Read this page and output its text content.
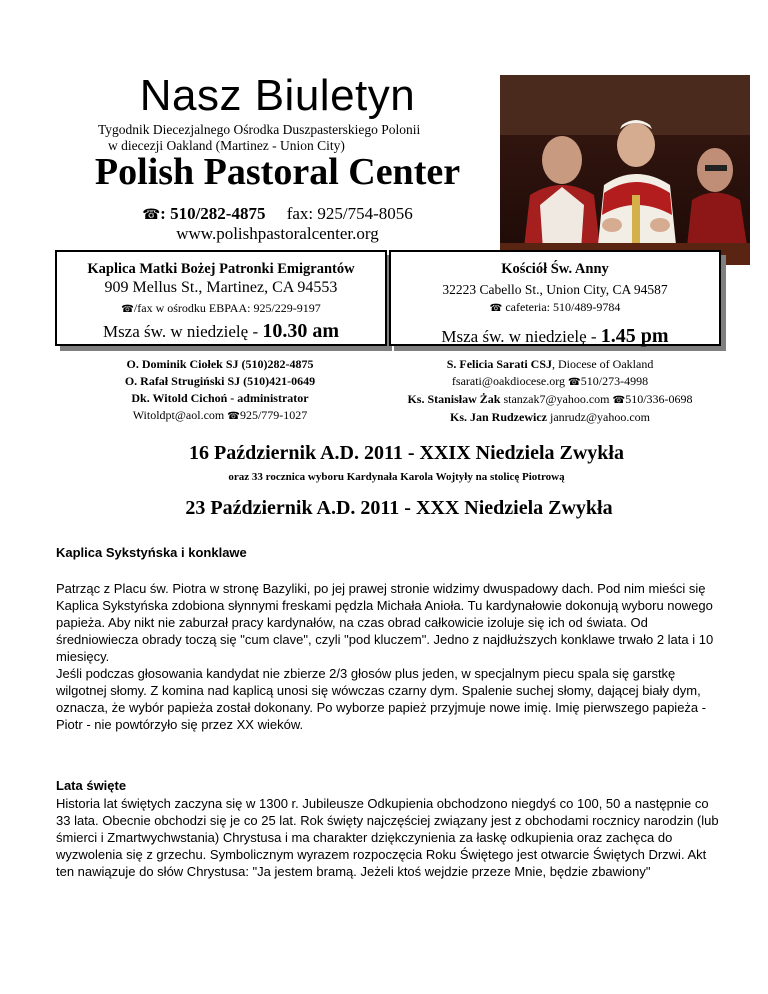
Nasz Biuletyn
Tygodnik Diecezjalnego Ośrodka Duszpasterskiego Polonii
w diecezji Oakland (Martinez - Union City)
Polish Pastoral Center
☎: 510/282-4875 fax: 925/754-8056
www.polishpastoralcenter.org
Kaplica Matki Bożej Patronki Emigrantów
909 Mellus St., Martinez, CA 94553
☎/fax w ośrodku EBPAA: 925/229-9197
Msza św. w niedzielę - 10.30 am
Kościół Św. Anny
32223 Cabello St., Union City, CA 94587
☎ cafeteria: 510/489-9784
Msza św. w niedzielę - 1.45 pm
O. Dominik Ciołek SJ (510)282-4875
O. Rafał Strugiński SJ (510)421-0649
Dk. Witold Cichoń - administrator
Witoldpt@aol.com ☎925/779-1027
S. Felicia Sarati CSJ, Diocese of Oakland
fsarati@oakdiocese.org ☎510/273-4998
Ks. Stanisław Żak stanzak7@yahoo.com ☎510/336-0698
Ks. Jan Rudzewicz janrudz@yahoo.com
16 Październik A.D. 2011 - XXIX Niedziela Zwykła
oraz 33 rocznica wyboru Kardynała Karola Wojtyły na stolicę Piotrową
23 Październik A.D. 2011 - XXX Niedziela Zwykła
Kaplica Sykstyńska i konklawe
Patrząc z Placu św. Piotra w stronę Bazyliki, po jej prawej stronie widzimy dwuspadowy dach. Pod nim mieści się Kaplica Sykstyńska zdobiona słynnymi freskami pędzla Michała Anioła. Tu kardynałowie dokonują wyboru nowego papieża. Aby nikt nie zaburzał pracy kardynałów, na czas obrad całkowicie izoluje się ich od świata. Od średniowiecza obrady toczą się "cum clave", czyli "pod kluczem". Jedno z najdłuższych konklawe trwało 2 lata i 10 miesięcy.
Jeśli podczas głosowania kandydat nie zbierze 2/3 głosów plus jeden, w specjalnym piecu spala się garstkę wilgotnej słomy. Z komina nad kaplicą unosi się wówczas czarny dym. Spalenie suchej słomy, dającej biały dym, oznacza, że wybór papieża został dokonany. Po wyborze papież przyjmuje nowe imię. Imię pierwszego papieża - Piotr - nie powtórzyło się przez XX wieków.
Lata święte
Historia lat świętych zaczyna się w 1300 r. Jubileusze Odkupienia obchodzono niegdyś co 100, 50 a następnie co 33 lata. Obecnie obchodzi się je co 25 lat. Rok święty najczęściej związany jest z obchodami rocznicy narodzin (lub śmierci i Zmartwychwstania) Chrystusa i ma charakter dziękczynienia za łaskę odkupienia oraz zachęca do wyzwolenia się z grzechu. Symbolicznym wyrazem rozpoczęcia Roku Świętego jest otwarcie Świętych Drzwi. Akt ten nawiązuje do słów Chrystusa: "Ja jestem bramą. Jeżeli ktoś wejdzie przeze Mnie, będzie zbawiony"
